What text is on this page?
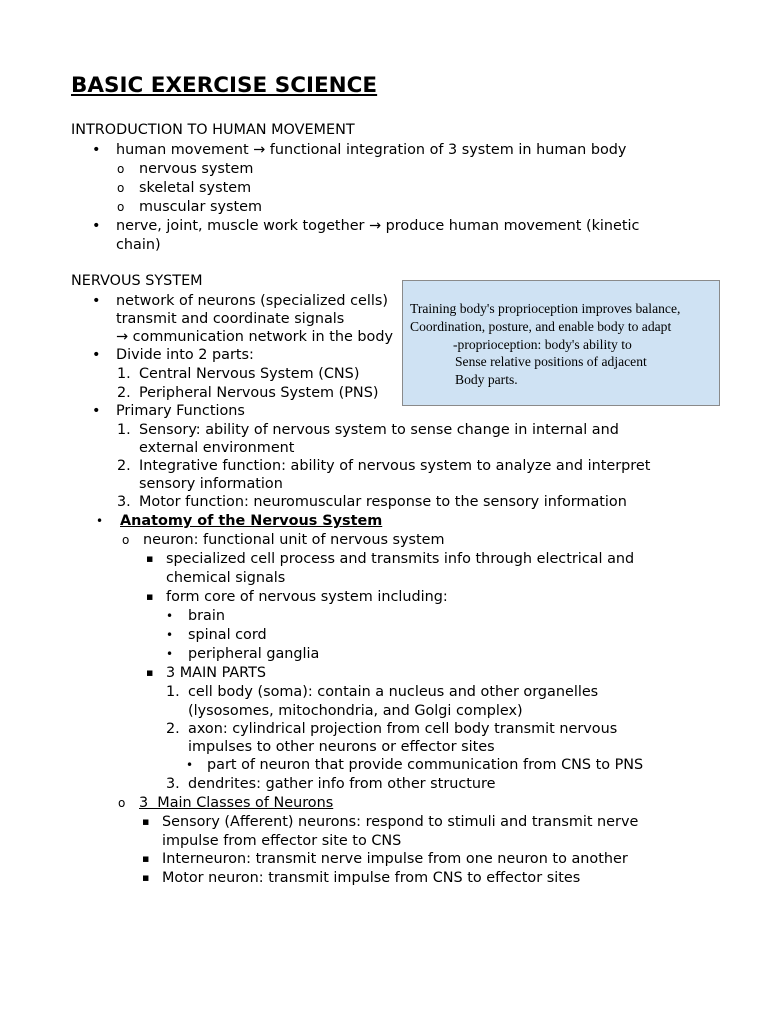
BASIC EXERCISE SCIENCE
INTRODUCTION TO HUMAN MOVEMENT
• human movement → functional integration of 3 system in human body
o nervous system
o skeletal system
o muscular system
• nerve, joint, muscle work together → produce human movement (kinetic
chain)
NERVOUS SYSTEM
• network of neurons (specialized cells)
transmit and coordinate signals
→ communication network in the body
• Divide into 2 parts:
1. Central Nervous System (CNS)
2. Peripheral Nervous System (PNS)
• Primary Functions
1. Sensory: ability of nervous system to sense change in internal and
external environment
2. Integrative function: ability of nervous system to analyze and interpret
sensory information
3. Motor function: neuromuscular response to the sensory information

Training body's proprioception improves balance,

Coordination, posture, and enable body to adapt

-proprioception: body's ability to

Sense relative positions of adjacent

Body parts.

• Anatomy of the Nervous System
o neuron: functional unit of nervous system
▪ specialized cell process and transmits info through electrical and
chemical signals
▪ form core of nervous system including:
• brain
• spinal cord
• peripheral ganglia
▪ 3 MAIN PARTS
1. cell body (soma): contain a nucleus and other organelles
(lysosomes, mitochondria, and Golgi complex)
2. axon: cylindrical projection from cell body transmit nervous
impulses to other neurons or effector sites
• part of neuron that provide communication from CNS to PNS
3. dendrites: gather info from other structure
o 3  Main Classes of Neurons
▪ Sensory (Afferent) neurons: respond to stimuli and transmit nerve
impulse from effector site to CNS
▪ Interneuron: transmit nerve impulse from one neuron to another
▪ Motor neuron: transmit impulse from CNS to effector sites
